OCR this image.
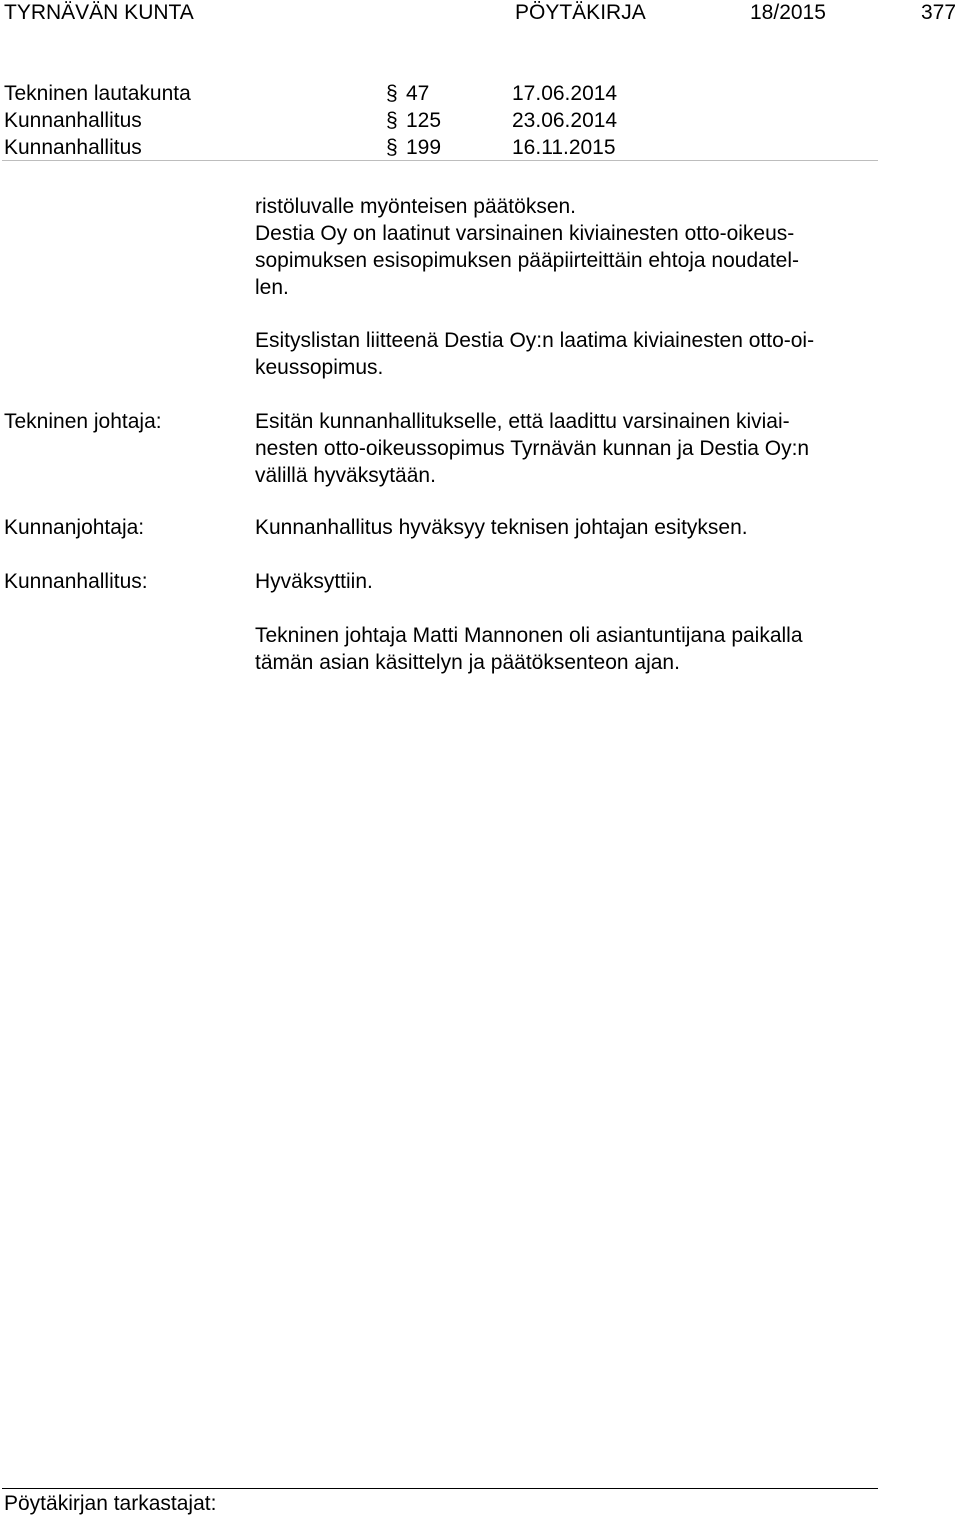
TYRNÄVÄN KUNTA	PÖYTÄKIRJA	18/2015	377
Tekninen lautakunta	§ 47	17.06.2014
Kunnanhallitus	§ 125	23.06.2014
Kunnanhallitus	§ 199	16.11.2015
ristöluvalle myönteisen päätöksen.
Destia Oy on laatinut varsinainen kiviainesten otto-oikeus-
sopimuksen esisopimuksen pääpiirteittäin ehtoja noudatel-
len.
Esityslistan liitteenä Destia Oy:n laatima kiviainesten otto-oi-
keussopimus.
Tekninen johtaja:	Esitän kunnanhallitukselle, että laadittu varsinainen kiviai-
nesten otto-oikeussopimus Tyrnävän kunnan ja Destia Oy:n
välillä hyväksytään.
Kunnanjohtaja:	Kunnanhallitus hyväksyy teknisen johtajan esityksen.
Kunnanhallitus:	Hyväksyttiin.
Tekninen johtaja Matti Mannonen oli asiantuntijana paikalla
tämän asian käsittelyn ja päätöksenteon ajan.
Pöytäkirjan tarkastajat:
